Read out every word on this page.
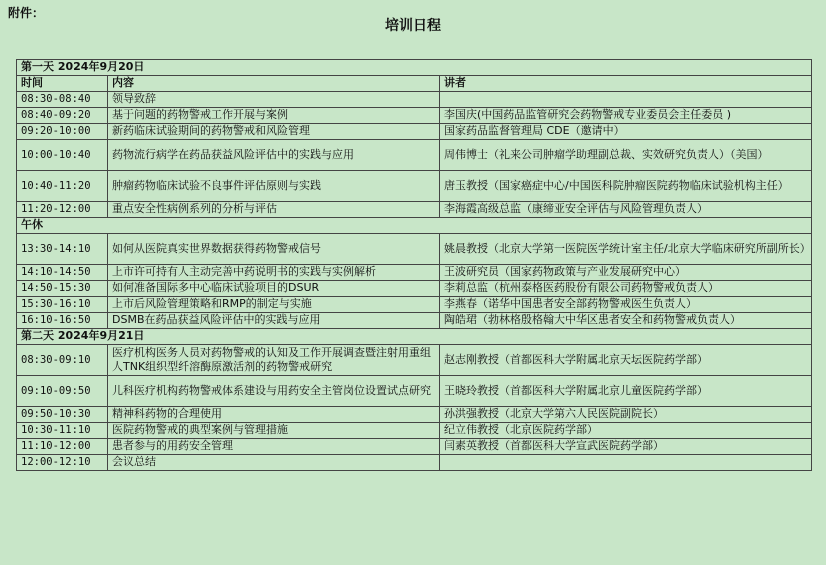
附件：
培训日程
第一天 2024年9月20日		
时间	内容	讲者
08:30-08:40	领导致辞	
08:40-09:20	基于问题的药物警戒工作开展与案例	李国庆(中国药品监管研究会药物警戒专业委员会主任委员 )
09:20-10:00	新药临床试验期间的药物警戒和风险管理	国家药品监督管理局 CDE（邀请中）
10:00-10:40	药物流行病学在药品获益风险评估中的实践与应用	周伟博士（礼来公司肿瘤学助理副总裁、实效研究负责人）（美国）
10:40-11:20	肿瘤药物临床试验不良事件评估原则与实践	唐玉教授（国家癌症中心/中国医科院肿瘤医院药物临床试验机构主任）
11:20-12:00	重点安全性病例系列的分析与评估	李海霞高级总监（康缔亚安全评估与风险管理负责人）
午休		
13:30-14:10	如何从医院真实世界数据获得药物警戒信号	姚晨教授（北京大学第一医院医学统计室主任/北京大学临床研究所副所长）
14:10-14:50	上市许可持有人主动完善中药说明书的实践与实例解析	王波研究员（国家药物政策与产业发展研究中心）
14:50-15:30	如何准备国际多中心临床试验项目的DSUR	李莉总监（杭州泰格医药股份有限公司药物警戒负责人）
15:30-16:10	上市后风险管理策略和RMP的制定与实施	李燕春（诺华中国患者安全部药物警戒医生负责人）
16:10-16:50	DSMB在药品获益风险评估中的实践与应用	陶皓珺（勃林格殷格翰大中华区患者安全和药物警戒负责人）
第二天 2024年9月21日		
08:30-09:10	医疗机构医务人员对药物警戒的认知及工作开展调查暨注射用重组人TNK组织型纤溶酶原激活剂的药物警戒研究	赵志刚教授（首都医科大学附属北京天坛医院药学部）
09:10-09:50	儿科医疗机构药物警戒体系建设与用药安全主管岗位设置试点研究	王晓玲教授（首都医科大学附属北京儿童医院药学部）
09:50-10:30	精神科药物的合理使用	孙洪强教授（北京大学第六人民医院副院长）
10:30-11:10	医院药物警戒的典型案例与管理措施	纪立伟教授（北京医院药学部）
11:10-12:00	患者参与的用药安全管理	闫素英教授（首都医科大学宣武医院药学部）
12:00-12:10	会议总结	
